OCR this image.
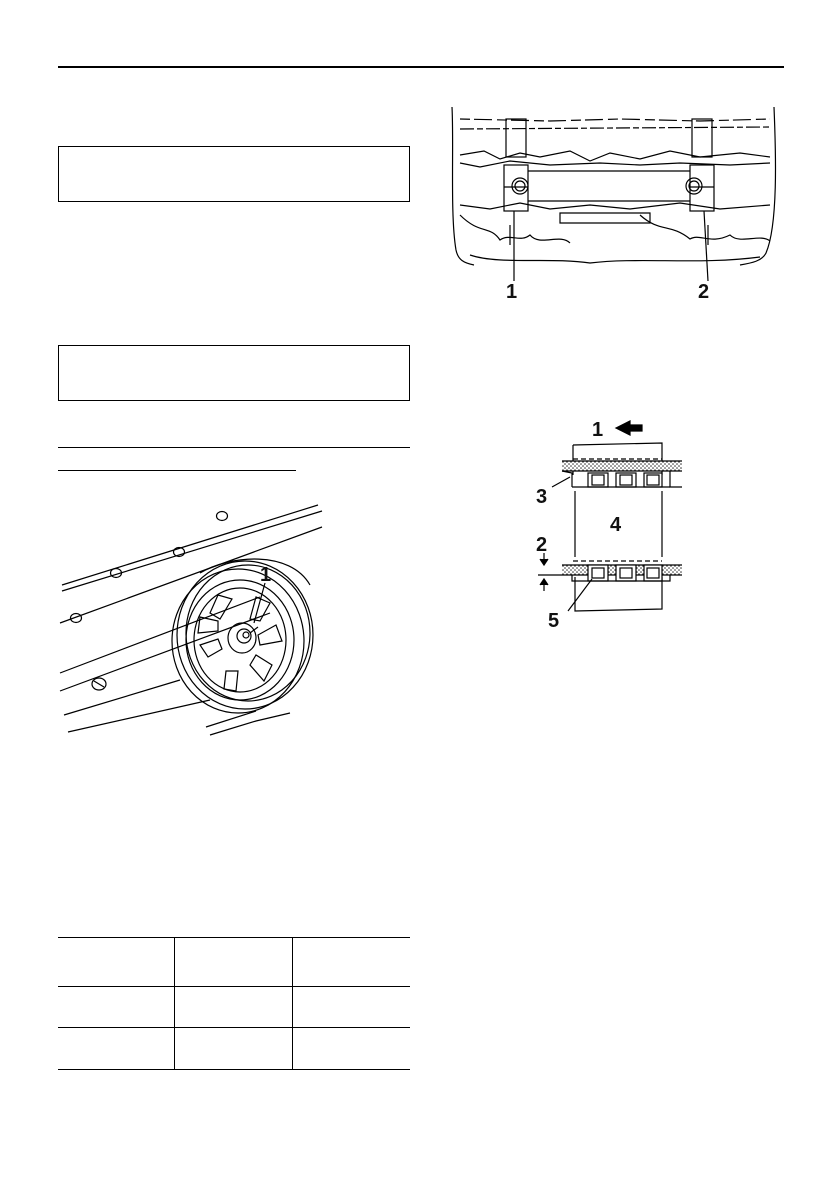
1

1	2
1
2
3
4
5
